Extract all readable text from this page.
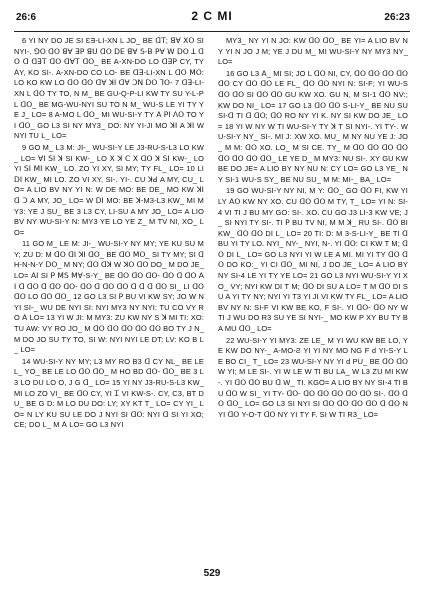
26:6	2 C MI	26:23

6 YI NY DO JE SI ƐƎ-LI-XN L JO_ BE ꓷꓔ; ꓭꓯ ꓫꓳ SI NYI-. ꓨꓳ ꓷꓳ ꓭꓯ ꓱꓑ ꓭꓴ ꓷꓳ ꓓꓰ ꓭꓯ ꓢ-ꓐ ꓑꓯ ꓪ ꓓꓳ ꓕ ꓷꓳ ꓷ ꓷꓱꓔ ꓷꓳ ꓷꓯꓔ ꓷꓳ_ BE A-XN-DO LO ꓷꓱꓑ CY, TY ꓮY, KO SI-. A-XN-DO CO LO- BE ꓷꓱ-LI-XN L ꓷꓳ ꓟꓳ: LO KO KW LO ꓷꓳ ꓷꓳ ꓷꓯ ꓘꓲ ꓷꓯ ꓛꓠ ꓓꓳ ꓶꓳ- 7 ꓷꓱ-LI-XN L ꓷꓳ TY TO, N M_ BE GU-Q-P-LI KW TY SU Y-L-P L ꓷꓳ_ BE MG-WU-NYI SU TO N M_ WU-S LE YI TY YE J_ LO= 8 A-MO L ꓷꓳ_ MI WU-SI-Y TY ꓮ ꓑꓲ ꓥꓳ TO YI ꓷꓳ_ GO L3 SI NY MY3_ DO: NY YI-JI MO ꓘꓲ A ꓘꓲ W NYI TU L_ LO=

9 GO M_ L3 M: JI-_ WU-SI-Y LE J3-RU-S-L3 LO KW_ LO= ꓯꓲ ꓢꓲ ꓘ SI KW-_ LO ꓫ ꓘ ꓚ ꓫ ꓷꓳ ꓘ ꓢꓲ KW-_ LO YI ꓢꓲ ꓟꓲ KW_ LO. ZO YI XY, SI MY; TY FL_ LO= 10 LI ꓓꓲ KW_ MI LO. ZO VI XY, SI-. YI-. CU ꓘꓒ A MY, CU_ LO= A LIO BV NY YI N: W DE MO: BE DE_ MO KW ꓘꓲ ꓷ ꓛ A MY, JO_ LO= W ꓓꓲ MO: BE ꓘ-M3-L3 KW_ MI MY3: YE J SU_ BE 3 L3 CY, LI-SU A MY JO_ LO= A LIO BV NY WU-SI-Y N: MY3 YE LO YE Z_ M TV NI, XO_ LO=

11 GO M_ LE M: JI-_ WU-SI-Y NY MY; YE KU SU MY; ZU D: M ꓷꓳ ꓷꓲ ꓘꓲ ꓷꓳ_ BE ꓷꓳ ꓟꓳ_ SI TY MY; SI ꓷ H-N-N-Y ꓓꓳ_ M NY; ꓷꓳ ꓷꓘ W ꓘꓳ ꓷꓳ DO_ M DO JE_ LO= ꓮꓲ SI ꓑ ꓟꓢ ꓟꓯ-S-Y_ BE ꓷꓳ ꓷꓳ ꓷꓳ- ꓷꓳ ꓷ ꓷꓳ ꓮꓲ ꓷ ꓷꓳ ꓷ ꓷꓳ ꓷꓳ- ꓷꓳ ꓷ ꓷꓳ ꓷꓳ ꓷ ꓷ ꓷ ꓷꓳ SI_ LI ꓷꓳ ꓷꓳ LO ꓷꓳ ꓷꓳ_ 12 GO L3 SI ꓑ BU VI KW SY; JO W NYI SI-_ WU DE NYI SI: NYI MY3 NY NYI: TU CO VY RO ꓮ LO= 13 YI W JI: M MY3: ZU KW NY S ꓘ MI TI: XO: TU AW: VY RO JO_ M ꓷꓳ ꓷꓳ ꓷꓳ ꓷꓳ ꓷꓳ BO TY J N_ M DO JO SU TY TO, SI W: NYI NYI LE DT: LV: KO B L_ LO=

14 WU-SI-Y NY MY; L3 MY RO B3 ꓷ CY NL_ BE LE L_ YO_ BE LE LO ꓷꓳ ꓷꓳ_ M HO BD ꓷꓳ- ꓷꓳ_ BE 3 L3 LO DU LO O, J G ꓷ_ LO= 15 YI NY J3-RU-S-L3 KW_ MI LO ZO VI_ BE ꓷꓳ CY, YI Ꮖ VI KW-S-. CY, C3, BT DU_ BE G D: M LO DU DO: LY; XY KT T_ LO= CY YI_ LO= N LY KU SU LE DO J NYI SI ꓷꓳ: NYI ꓷ SI YI XO; CE; DO L_ M ꓮ LO= GO L3 NYI

MY3_ NY YI N JO: KW ꓷꓳ ꓷꓳ_ BE YI= A LIO BV NY YI N JO J M; YE J DU M_ MI WU-SI-Y NY MY3 NY_ LO=

16 GO L3 ꓮ_ MI SI; JO L ꓷꓳ NI, CY, ꓷꓳ ꓷꓳ ꓷꓳ ꓷꓳ ꓷꓳ CY ꓷꓳ ꓷꓳ LE FL_ ꓷꓳ ꓷꓳ NYI N: SI-F; YI WU-S ꓷꓳ ꓷꓳ SI ꓷꓳ ꓷꓳ GU KW XO. GU N, M SI-1 ꓷꓳ NV:; KW DO NI_ LO= 17 GO L3 ꓷꓳ ꓷꓳ S-LI-Y_ BE NU SU SI-ꓷ TI ꓷ ꓷꓳ; ꓷꓳ RO NY YI K. NY SI KW DO JE_ LO= 18 YI W NY W TI WU-SI-Y TY ꓘ T SI NYI-. YI TY-. WU-SI-Y NY_ SI-. MI J: XW XO. MU_ M NY NU YE J: JO_ M M: ꓷꓳ XO. LO_ M SI CE. TY_ M ꓷꓳ ꓷꓳ ꓷꓳ ꓷꓳ ꓷꓳ ꓷꓳ ꓷꓳ ꓷꓳ_ LE YE D_ M MY3: NU SI-. XY GU KW BE DO JE= A LIO BY NY NU N: CY LO= GO L3 YE_ NY SI-1 WU-S SY_ BE NU SU_ M M: MI-_ BA_ LO=

19 GO WU-SI-Y NY NI, M Y: ꓷꓳ_ GO ꓷꓳ FI, KW YI LY ꓮꓳ KW NY XO. CU ꓷꓳ ꓷꓳ M TY, T_ LO= YI N: SI-4 VI TI J BU MY GO: SI-. XO. CU GO J3 LI-3 KW VE; J_ SI NYI TY SI-. TI ꓑ BU TV NI, M M ꓘ_ RU SI-. ꓷꓳ BI KW_ ꓷꓳ ꓷꓳ DI L_ LO= 20 TI: D: M 3-S-LI-Y_ BE TI ꓷ BU YI TY LO. NYI_ NY-_ NYI, N-. YI ꓷꓳ: CI KW T M; ꓷꓳ DI L_ LO= GO L3 NYI YI W LE A MI. MI YI TY ꓷꓳ ꓷꓳ DO KO:_ YI CI ꓷꓳ_ MI NI, J DO JE_ LO= A LIO BY NY SI-4 LE YI TY YE LO= 21 GO L3 NYI WU-SI-Y YI XO_ VY; NYI KW DI T M; ꓷꓳ DI SU A LO= T M ꓷꓳ DI SU A YI TY NY; NYI YI T3 YI JI VI KW TY FL_ LO= A LIO BV NY N: SI-F VI KW BE KO, F SI-. YI ꓷꓳ- ꓷꓳ NY W TI J WU DO R3 SU YE SI NYI-_ MO KW P XY BU TY BA MU ꓷꓳ_ LO=

22 WU-SI-Y YI MY3: ZE LE_ M YI WU KW BE LO, YE KW DO NY-_ A-MO-Ƨ YI YI NY MO NG F d YI-S-Y LE BO CI_ T_ LO= 23 WU-SI-Y NY YI d PU_ BE ꓷꓳ ꓷꓳ W YI; M LE SI-. YI W LE W TI BU LA_ W L3 ZU MI KW-. YI ꓷꓳ ꓷꓳ BU ꓷ W_ TI. KGO= A LIO BY NY SI-4 TI BU ꓷꓳ W SI_ YI TY- ꓷꓳ- ꓷꓳ ꓷꓳ ꓷꓳ ꓷꓳ ꓷꓳ SI-. ꓷꓳ ꓷꓳ ꓷꓳ_ LO= GO L3 SI NYI SI ꓷꓳ ꓷꓳ ꓷꓳ ꓷꓳ ꓷ ꓷꓳ NYI ꓷꓳ Y-O-T ꓷꓳ NY YI TY F. SI W TI R3_ LO=

529
